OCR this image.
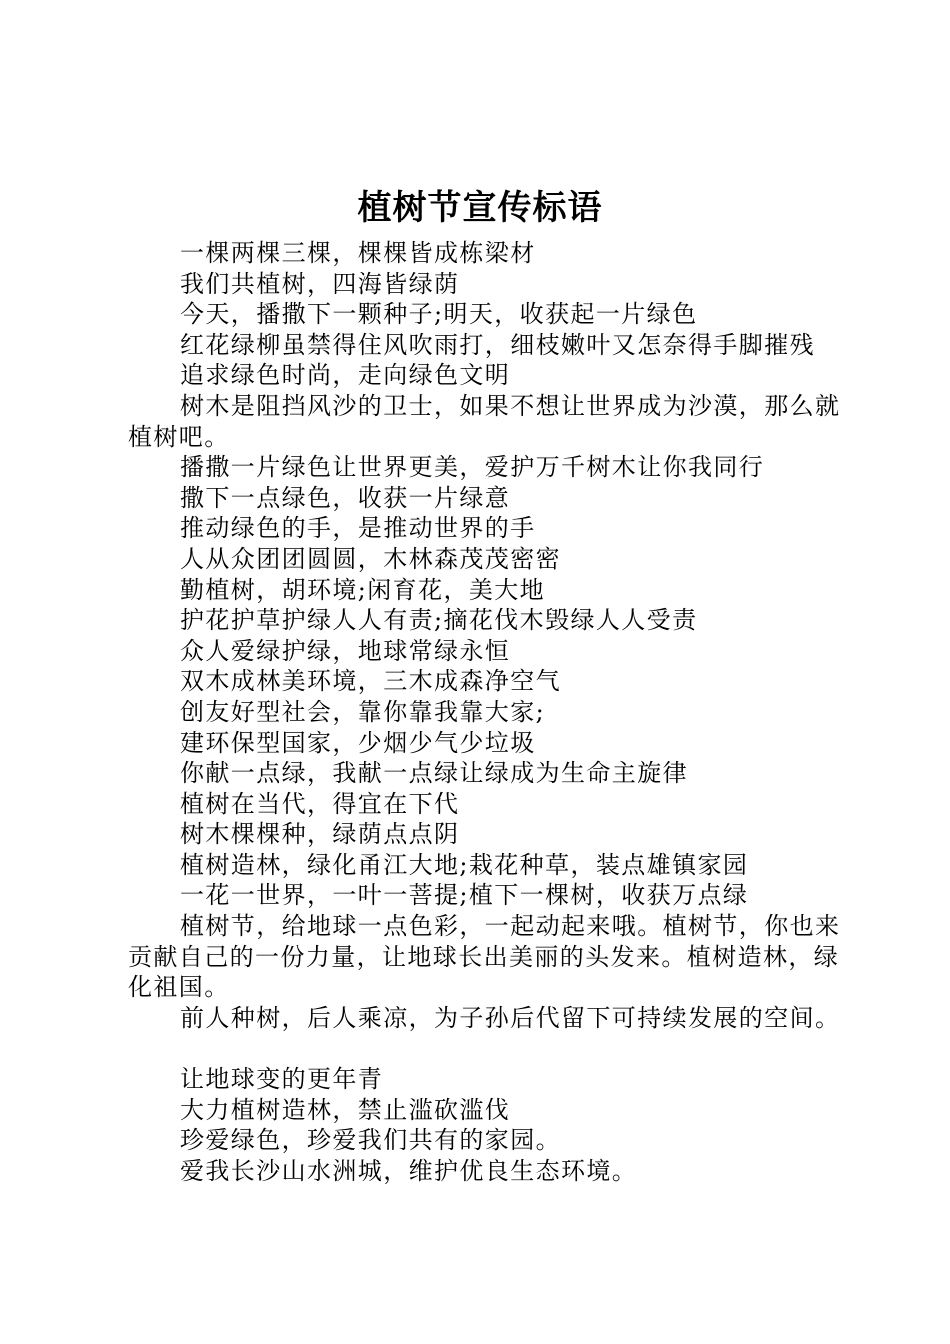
植树节宣传标语

一棵两棵三棵，棵棵皆成栋梁材

我们共植树，四海皆绿荫

今天，播撒下一颗种子;明天，收获起一片绿色

红花绿柳虽禁得住风吹雨打，细枝嫩叶又怎奈得手脚摧残

追求绿色时尚，走向绿色文明

树木是阻挡风沙的卫士，如果不想让世界成为沙漠，那么就植树吧。

播撒一片绿色让世界更美，爱护万千树木让你我同行

撒下一点绿色，收获一片绿意

推动绿色的手，是推动世界的手

人从众团团圆圆，木林森茂茂密密

勤植树，胡环境;闲育花，美大地

护花护草护绿人人有责;摘花伐木毁绿人人受责

众人爱绿护绿，地球常绿永恒

双木成林美环境，三木成森净空气

创友好型社会，靠你靠我靠大家;

建环保型国家，少烟少气少垃圾

你献一点绿，我献一点绿让绿成为生命主旋律

植树在当代，得宜在下代

树木棵棵种，绿荫点点阴

植树造林，绿化甬江大地;栽花种草，装点雄镇家园

一花一世界，一叶一菩提;植下一棵树，收获万点绿

植树节，给地球一点色彩，一起动起来哦。植树节，你也来贡献自己的一份力量，让地球长出美丽的头发来。植树造林，绿化祖国。

前人种树，后人乘凉，为子孙后代留下可持续发展的空间。

让地球变的更年青

大力植树造林，禁止滥砍滥伐

珍爱绿色，珍爱我们共有的家园。

爱我长沙山水洲城，维护优良生态环境。
